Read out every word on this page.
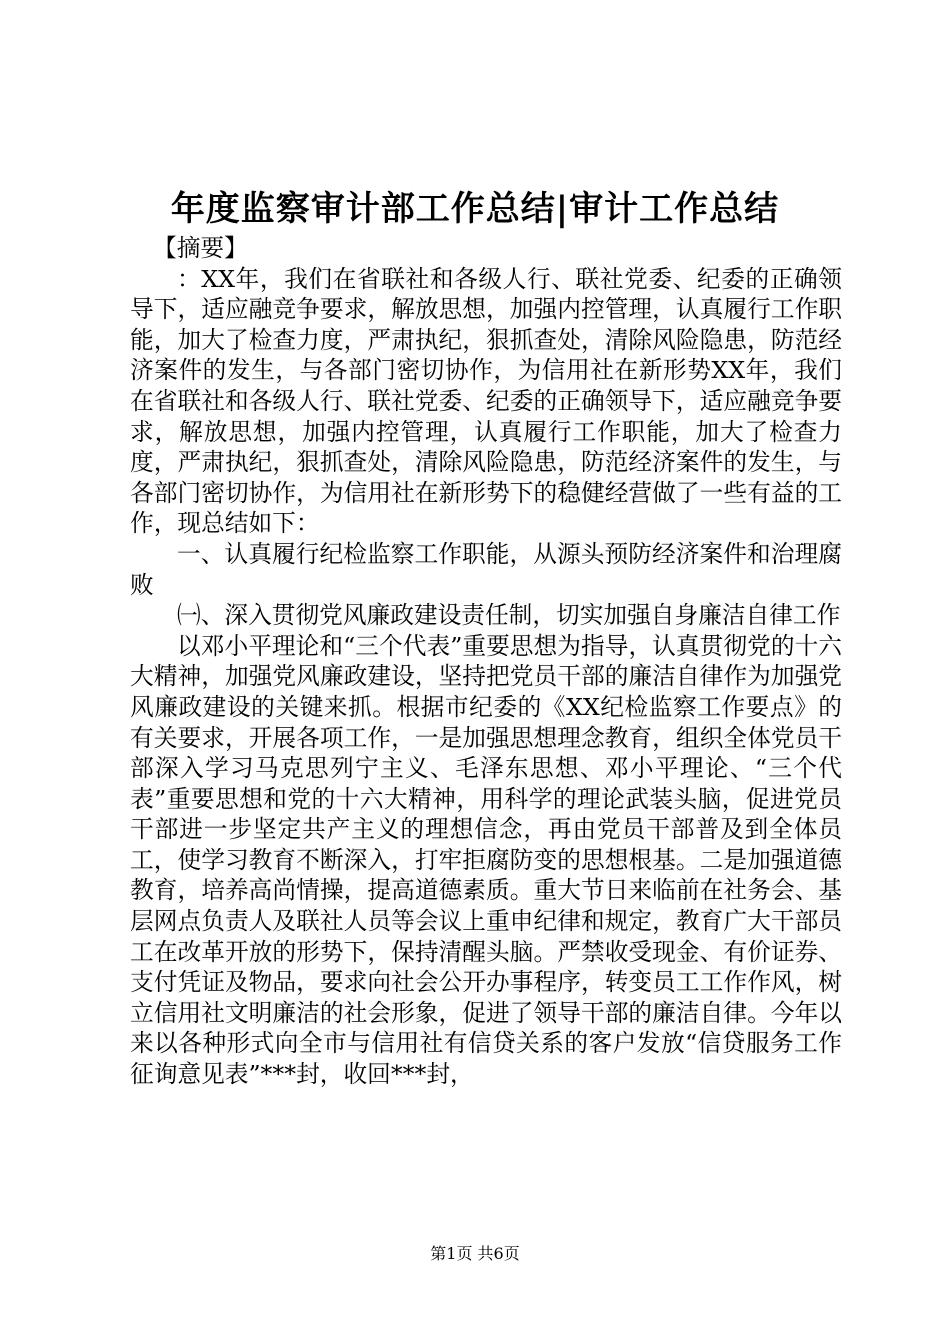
年度监察审计部工作总结|审计工作总结

【摘要】

：XX年，我们在省联社和各级人行、联社党委、纪委的正确领导下，适应融竞争要求，解放思想，加强内控管理，认真履行工作职能，加大了检查力度，严肃执纪，狠抓查处，清除风险隐患，防范经济案件的发生，与各部门密切协作，为信用社在新形势XX年，我们在省联社和各级人行、联社党委、纪委的正确领导下，适应融竞争要求，解放思想，加强内控管理，认真履行工作职能，加大了检查力度，严肃执纪，狠抓查处，清除风险隐患，防范经济案件的发生，与各部门密切协作，为信用社在新形势下的稳健经营做了一些有益的工作，现总结如下：

一、认真履行纪检监察工作职能，从源头预防经济案件和治理腐败

㈠、深入贯彻党风廉政建设责任制，切实加强自身廉洁自律工作

以邓小平理论和“三个代表”重要思想为指导，认真贯彻党的十六大精神，加强党风廉政建设，坚持把党员干部的廉洁自律作为加强党风廉政建设的关键来抓。根据市纪委的《XX纪检监察工作要点》的有关要求，开展各项工作，一是加强思想理念教育，组织全体党员干部深入学习马克思列宁主义、毛泽东思想、邓小平理论、“三个代表”重要思想和党的十六大精神，用科学的理论武装头脑，促进党员干部进一步坚定共产主义的理想信念，再由党员干部普及到全体员工，使学习教育不断深入，打牢拒腐防变的思想根基。二是加强道德教育，培养高尚情操，提高道德素质。重大节日来临前在社务会、基层网点负责人及联社人员等会议上重申纪律和规定，教育广大干部员工在改革开放的形势下，保持清醒头脑。严禁收受现金、有价证券、支付凭证及物品，要求向社会公开办事程序，转变员工工作作风，树立信用社文明廉洁的社会形象，促进了领导干部的廉洁自律。今年以来以各种形式向全市与信用社有信贷关系的客户发放“信贷服务工作征询意见表”***封，收回***封，

第1页 共6页
